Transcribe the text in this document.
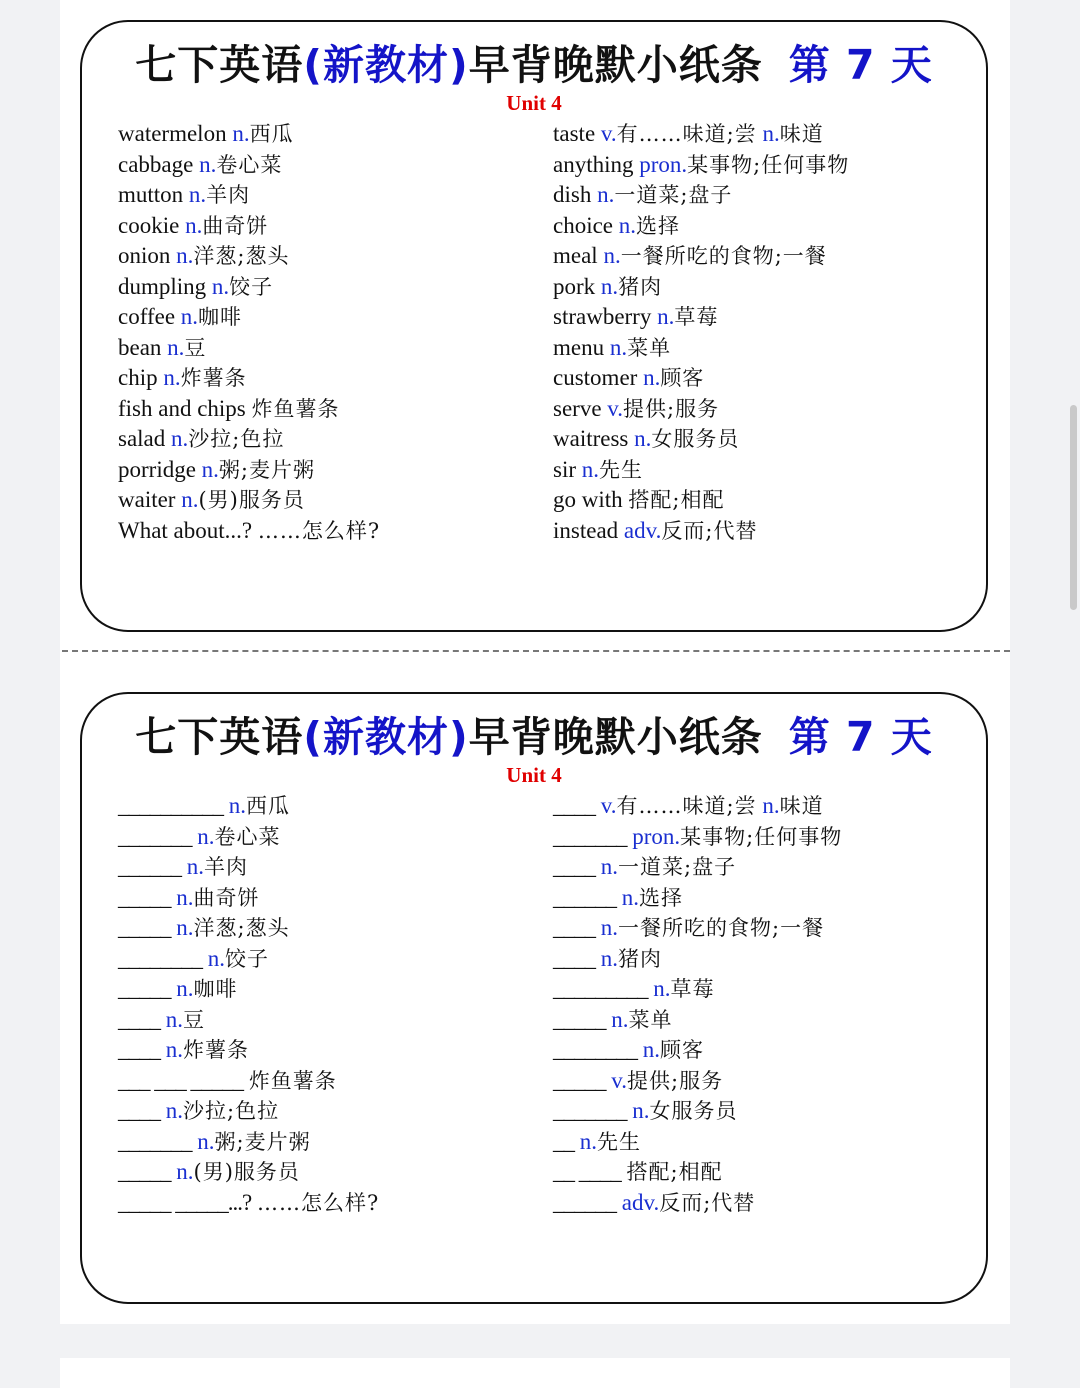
七下英语(新教材)早背晚默小纸条 第 7 天
Unit 4
watermelon n.西瓜
cabbage n.卷心菜
mutton n.羊肉
cookie n.曲奇饼
onion n.洋葱;葱头
dumpling n.饺子
coffee n.咖啡
bean n.豆
chip n.炸薯条
fish and chips 炸鱼薯条
salad n.沙拉;色拉
porridge n.粥;麦片粥
waiter n.(男)服务员
What about...? ……怎么样?
taste v.有……味道;尝 n.味道
anything pron.某事物;任何事物
dish n.一道菜;盘子
choice n.选择
meal n.一餐所吃的食物;一餐
pork n.猪肉
strawberry n.草莓
menu n.菜单
customer n.顾客
serve v.提供;服务
waitress n.女服务员
sir n.先生
go with 搭配;相配
instead adv.反而;代替
七下英语(新教材)早背晚默小纸条 第 7 天
Unit 4
__________ n.西瓜
_______ n.卷心菜
______ n.羊肉
_____ n.曲奇饼
_____ n.洋葱;葱头
________ n.饺子
_____ n.咖啡
____ n.豆
____ n.炸薯条
___ ___ _____ 炸鱼薯条
____ n.沙拉;色拉
_______ n.粥;麦片粥
_____ n.(男)服务员
_____ _____...? ……怎么样?
____ v.有……味道;尝 n.味道
_______ pron.某事物;任何事物
____ n.一道菜;盘子
______ n.选择
____ n.一餐所吃的食物;一餐
____ n.猪肉
_________ n.草莓
_____ n.菜单
________ n.顾客
_____ v.提供;服务
_______ n.女服务员
__ n.先生
__ ____ 搭配;相配
______ adv.反而;代替
